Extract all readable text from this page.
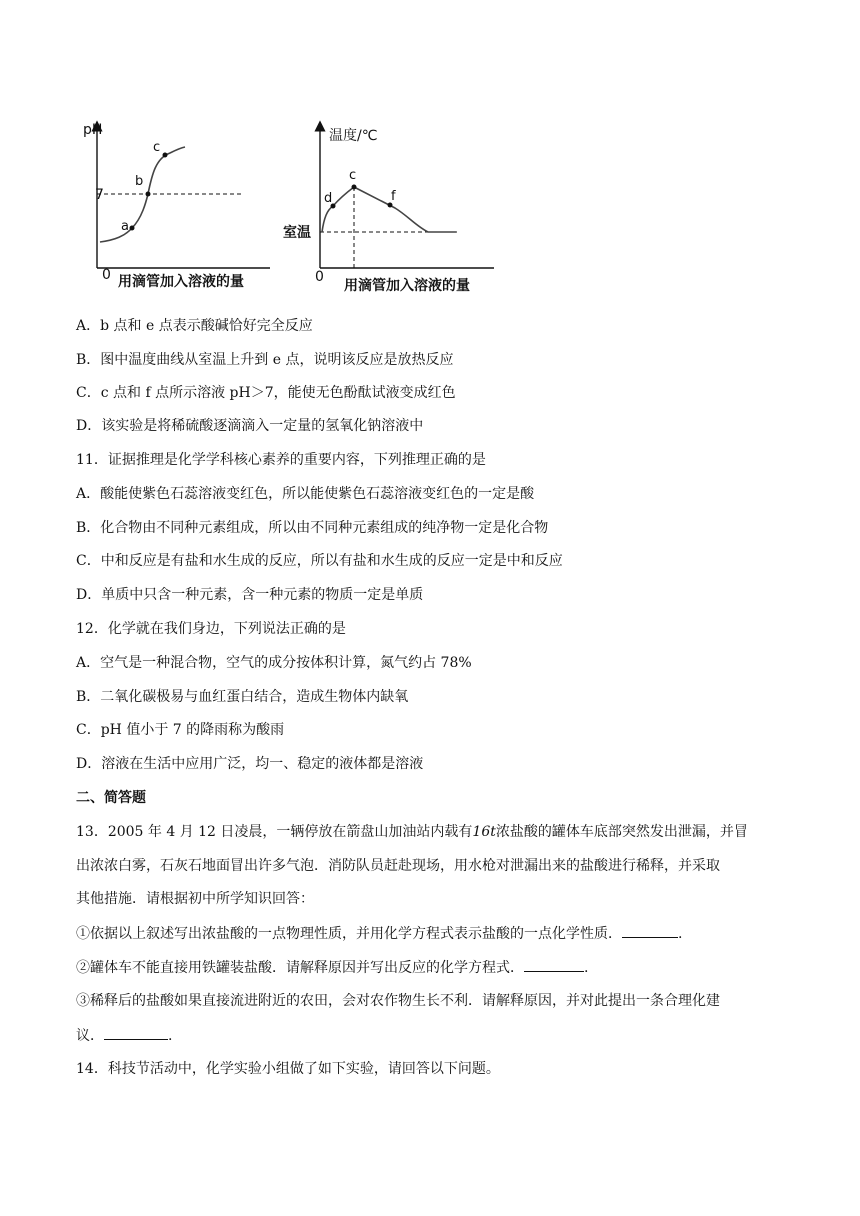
pH
7
0 用滴管加入溶液的量
a
b
c
温度/℃
室温
0
用滴管加入溶液的量
d
c
f
A．b 点和 e 点表示酸碱恰好完全反应
B．图中温度曲线从室温上升到 e 点，说明该反应是放热反应
C．c 点和 f 点所示溶液 pH＞7，能使无色酚酞试液变成红色
D．该实验是将稀硫酸逐滴滴入一定量的氢氧化钠溶液中
11．证据推理是化学学科核心素养的重要内容，下列推理正确的是
A．酸能使紫色石蕊溶液变红色，所以能使紫色石蕊溶液变红色的一定是酸
B．化合物由不同种元素组成，所以由不同种元素组成的纯净物一定是化合物
C．中和反应是有盐和水生成的反应，所以有盐和水生成的反应一定是中和反应
D．单质中只含一种元素，含一种元素的物质一定是单质
12．化学就在我们身边，下列说法正确的是
A．空气是一种混合物，空气的成分按体积计算，氮气约占 78%
B．二氧化碳极易与血红蛋白结合，造成生物体内缺氧
C．pH 值小于 7 的降雨称为酸雨
D．溶液在生活中应用广泛，均一、稳定的液体都是溶液
二、简答题
13．2005 年 4 月 12 日凌晨，一辆停放在箭盘山加油站内载有16t浓盐酸的罐体车底部突然发出泄漏，并冒
出浓浓白雾，石灰石地面冒出许多气泡．消防队员赶赴现场，用水枪对泄漏出来的盐酸进行稀释，并采取
其他措施．请根据初中所学知识回答：
①依据以上叙述写出浓盐酸的一点物理性质，并用化学方程式表示盐酸的一点化学性质．	.
②罐体车不能直接用铁罐装盐酸．请解释原因并写出反应的化学方程式．	.
③稀释后的盐酸如果直接流进附近的农田，会对农作物生长不利．请解释原因，并对此提出一条合理化建
议．	.
14．科技节活动中，化学实验小组做了如下实验，请回答以下问题。
